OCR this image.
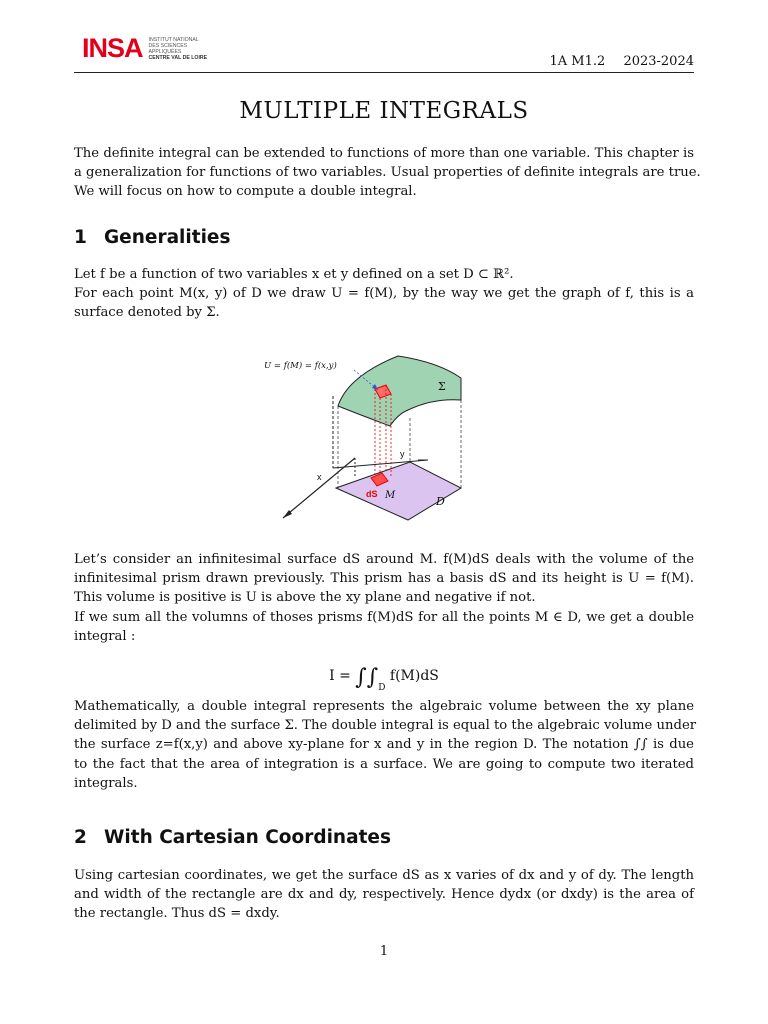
INSA INSTITUT NATIONAL
DES SCIENCES
APPLIQUÉES
CENTRE VAL DE LOIRE	1A M1.2 2023-2024
MULTIPLE INTEGRALS

The definite integral can be extended to functions of more than one variable. This chapter is
a generalization for functions of two variables. Usual properties of definite integrals are true.
We will focus on how to compute a double integral.

1 Generalities

Let f be a function of two variables x et y defined on a set D ⊂ ℝ².
For each point M(x, y) of D we draw U = f(M), by the way we get the graph of f, this is a
surface denoted by Σ.

U = f(M) = f(x,y)
Σ
y
x
dS M	D

Let’s consider an infinitesimal surface dS around M. f(M)dS deals with the volume of the
infinitesimal prism drawn previously. This prism has a basis dS and its height is U = f(M).
This volume is positive is U is above the xy plane and negative if not.
If we sum all the volumns of thoses prisms f(M)dS for all the points M ∈ D, we get a double
integral :

$I = \int\int_D$ f(M)dS

Mathematically, a double integral represents the algebraic volume between the xy plane
delimited by D and the surface Σ. The double integral is equal to the algebraic volume under
the surface z=f(x,y) and above xy-plane for x and y in the region D. The notation ∫∫ is due
to the fact that the area of integration is a surface. We are going to compute two iterated
integrals.

2 With Cartesian Coordinates

Using cartesian coordinates, we get the surface dS as x varies of dx and y of dy. The length
and width of the rectangle are dx and dy, respectively. Hence dydx (or dxdy) is the area of
the rectangle. Thus dS = dxdy.

1
